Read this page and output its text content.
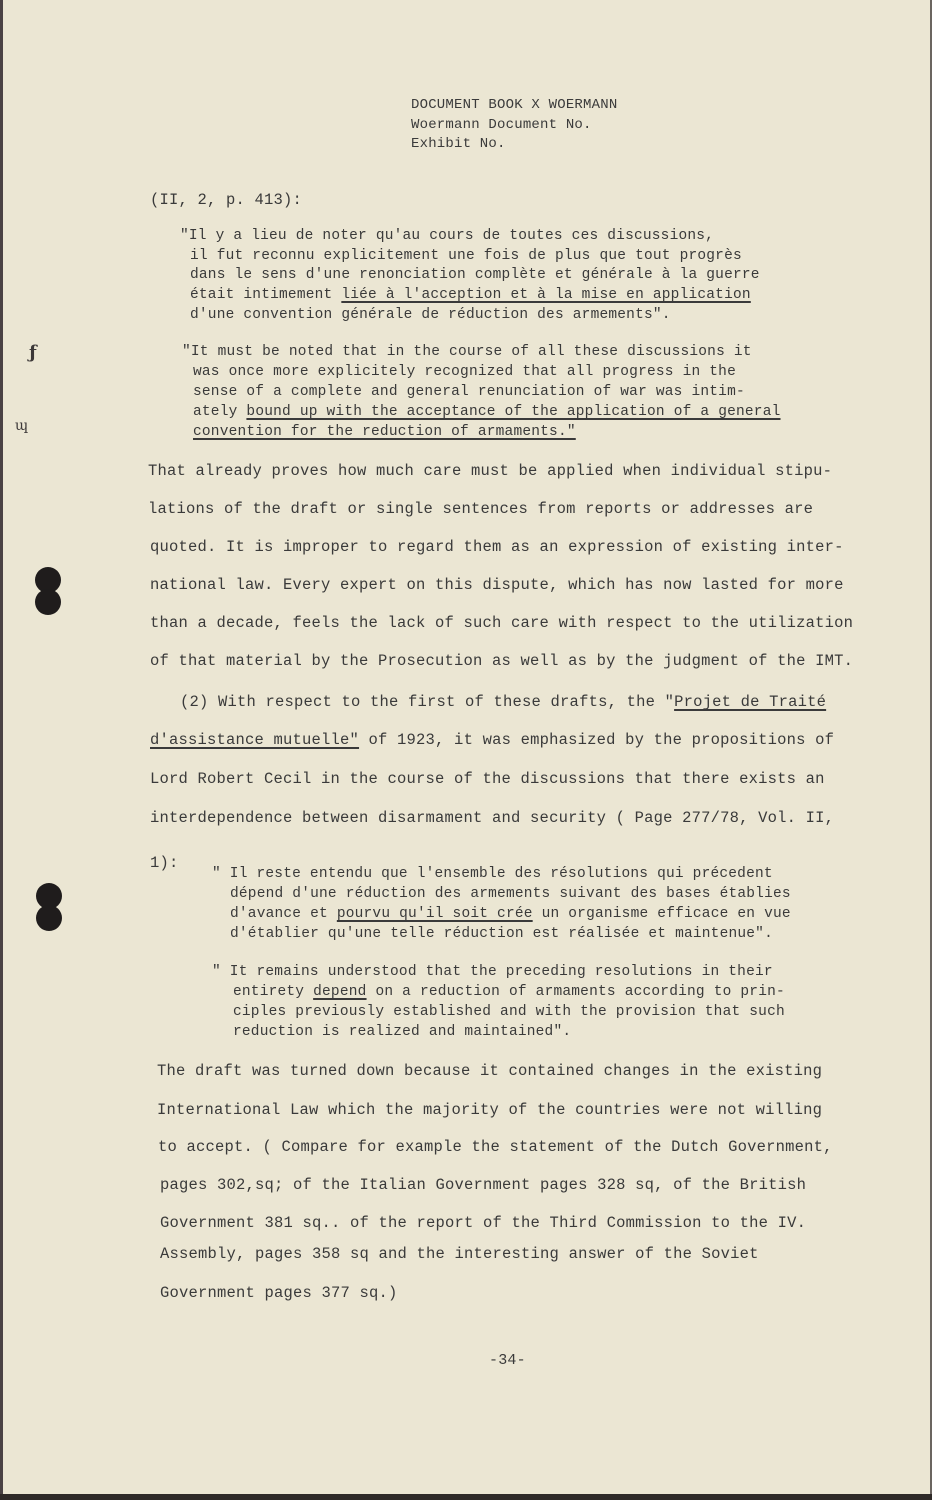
ƒ
ɰ
DOCUMENT BOOK X WOERMANN
Woermann Document No.
Exhibit No.
(II, 2, p. 413):
"Il y a lieu de noter qu'au cours de toutes ces discussions,
il fut reconnu explicitement une fois de plus que tout progrès
dans le sens d'une renonciation complète et générale à la guerre
était intimement liée à l'acception et à la mise en application
d'une convention générale de réduction des armements".
"It must be noted that in the course of all these discussions it
was once more explicitely recognized that all progress in the
sense of a complete and general renunciation of war was intim-
ately bound up with the acceptance of the application of a general
convention for the reduction of armaments."
That already proves how much care must be applied when individual stipu-
lations of the draft or single sentences from reports or addresses are
quoted. It is improper to regard them as an expression of existing inter-
national law. Every expert on this dispute, which has now lasted for more
than a decade, feels the lack of such care with respect to the utilization
of that material by the Prosecution as well as by the judgment of the IMT.
(2) With respect to the first of these drafts, the "Projet de Traité
d'assistance mutuelle" of 1923, it was emphasized by the propositions of
Lord Robert Cecil in the course of the discussions that there exists an
interdependence between disarmament and security ( Page 277/78, Vol. II,
1):
" Il reste entendu que l'ensemble des résolutions qui précedent
dépend d'une réduction des armements suivant des bases établies
d'avance et pourvu qu'il soit crée un organisme efficace en vue
d'établier qu'une telle réduction est réalisée et maintenue".
" It remains understood that the preceding resolutions in their
entirety depend on a reduction of armaments according to prin-
ciples previously established and with the provision that such
reduction is realized and maintained".
The draft was turned down because it contained changes in the existing
International Law which the majority of the countries were not willing
to accept. ( Compare for example the statement of the Dutch Government,
pages 302,sq; of the Italian Government pages 328 sq, of the British
Government 381 sq.. of the report of the Third Commission to the IV.
Assembly, pages 358 sq and the interesting answer of the Soviet
Government pages 377 sq.)
-34-
